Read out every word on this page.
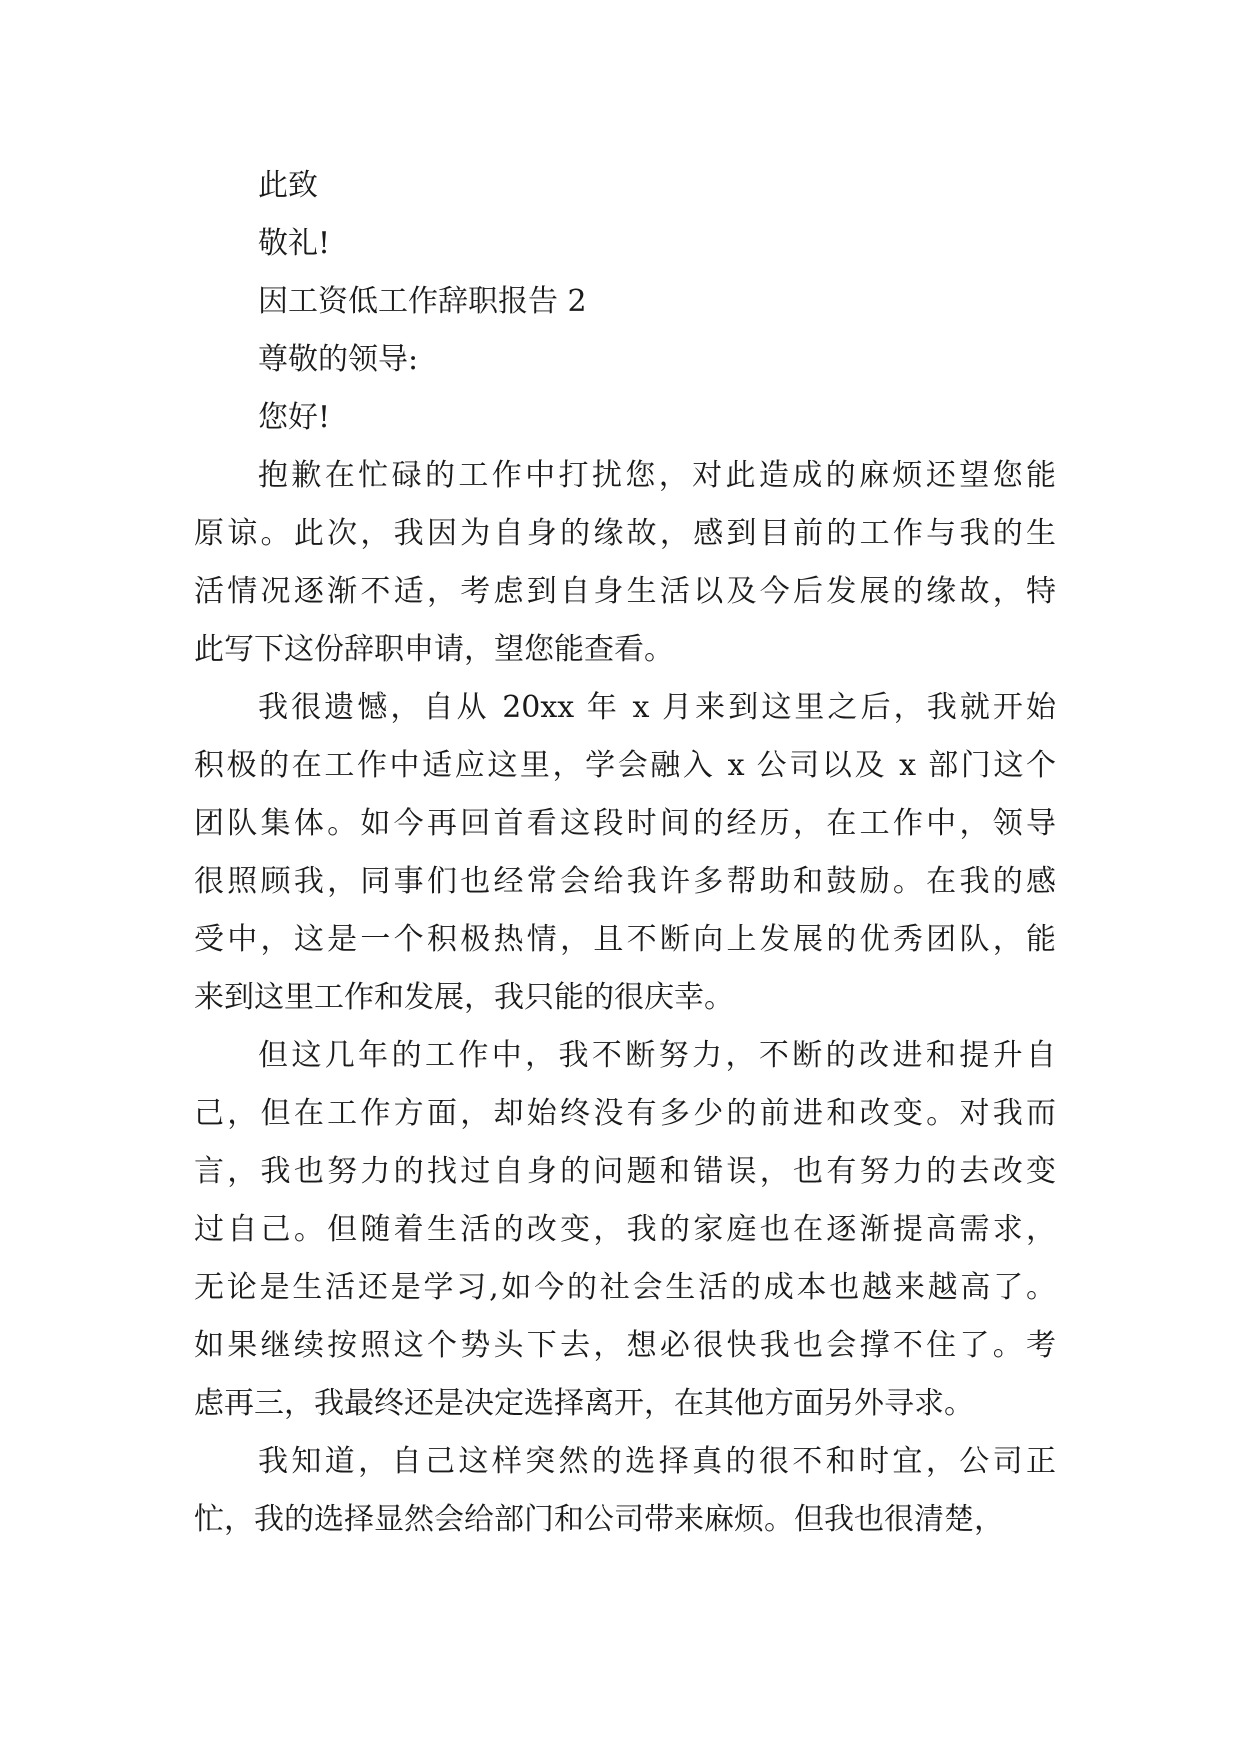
此致

敬礼!

因工资低工作辞职报告 2

尊敬的领导:

您好!

抱歉在忙碌的工作中打扰您，对此造成的麻烦还望您能

原谅。此次，我因为自身的缘故，感到目前的工作与我的生

活情况逐渐不适，考虑到自身生活以及今后发展的缘故，特

此写下这份辞职申请，望您能查看。

我很遗憾，自从 20xx 年 x 月来到这里之后，我就开始

积极的在工作中适应这里，学会融入 x 公司以及 x 部门这个

团队集体。如今再回首看这段时间的经历，在工作中，领导

很照顾我，同事们也经常会给我许多帮助和鼓励。在我的感

受中，这是一个积极热情，且不断向上发展的优秀团队，能

来到这里工作和发展，我只能的很庆幸。

但这几年的工作中，我不断努力，不断的改进和提升自

己，但在工作方面，却始终没有多少的前进和改变。对我而

言，我也努力的找过自身的问题和错误，也有努力的去改变

过自己。但随着生活的改变，我的家庭也在逐渐提高需求，

无论是生活还是学习,如今的社会生活的成本也越来越高了。

如果继续按照这个势头下去，想必很快我也会撑不住了。考

虑再三，我最终还是决定选择离开，在其他方面另外寻求。

我知道，自己这样突然的选择真的很不和时宜，公司正

忙，我的选择显然会给部门和公司带来麻烦。但我也很清楚，
